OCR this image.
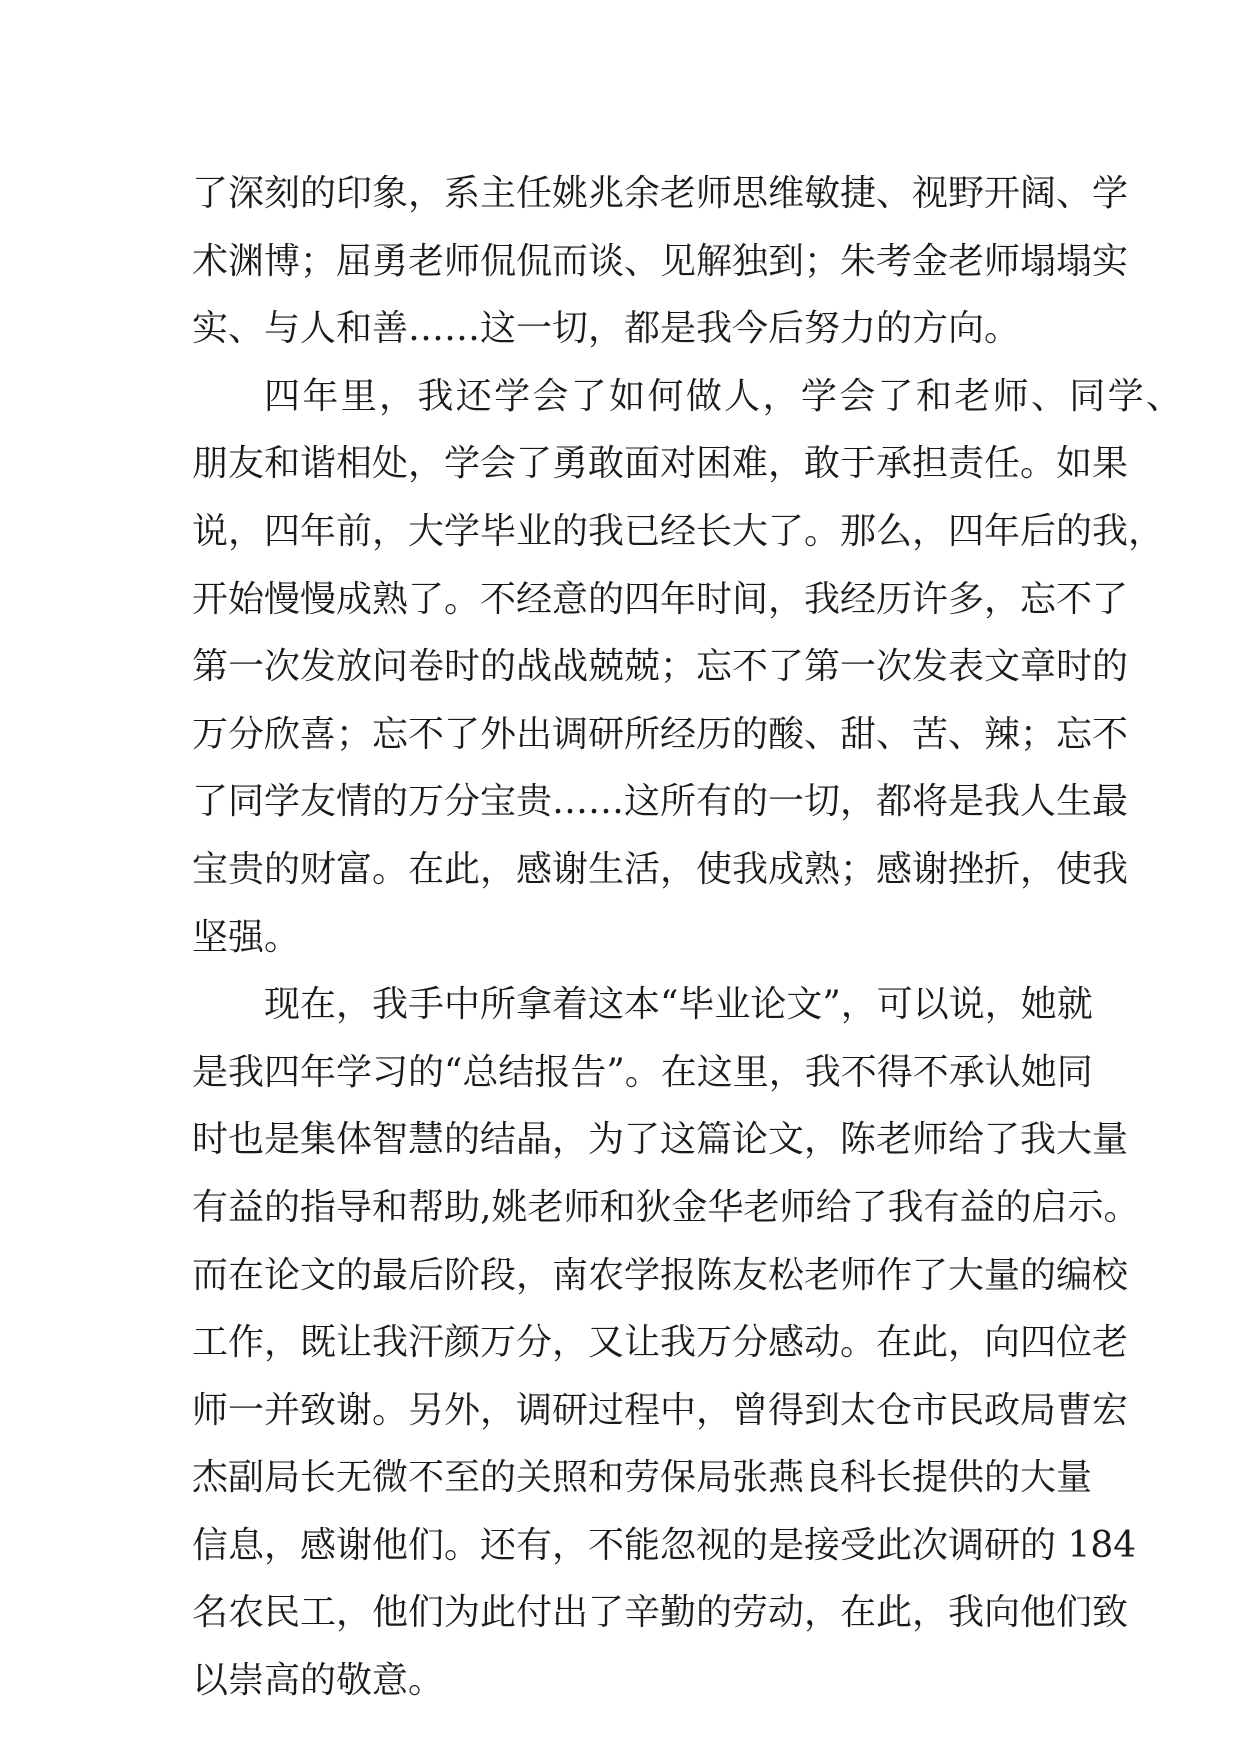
了深刻的印象，系主任姚兆余老师思维敏捷、视野开阔、学
术渊博；屈勇老师侃侃而谈、见解独到；朱考金老师塌塌实
实、与人和善……这一切，都是我今后努力的方向。
四年里，我还学会了如何做人，学会了和老师、同学、
朋友和谐相处，学会了勇敢面对困难，敢于承担责任。如果
说，四年前，大学毕业的我已经长大了。那么，四年后的我，
开始慢慢成熟了。不经意的四年时间，我经历许多，忘不了
第一次发放问卷时的战战兢兢；忘不了第一次发表文章时的
万分欣喜；忘不了外出调研所经历的酸、甜、苦、辣；忘不
了同学友情的万分宝贵……这所有的一切，都将是我人生最
宝贵的财富。在此，感谢生活，使我成熟；感谢挫折，使我
坚强。
现在，我手中所拿着这本“毕业论文”，可以说，她就
是我四年学习的“总结报告”。在这里，我不得不承认她同
时也是集体智慧的结晶，为了这篇论文，陈老师给了我大量
有益的指导和帮助,姚老师和狄金华老师给了我有益的启示。
而在论文的最后阶段，南农学报陈友松老师作了大量的编校
工作，既让我汗颜万分，又让我万分感动。在此，向四位老
师一并致谢。另外，调研过程中，曾得到太仓市民政局曹宏
杰副局长无微不至的关照和劳保局张燕良科长提供的大量
信息，感谢他们。还有，不能忽视的是接受此次调研的 184
名农民工，他们为此付出了辛勤的劳动，在此，我向他们致
以崇高的敬意。
